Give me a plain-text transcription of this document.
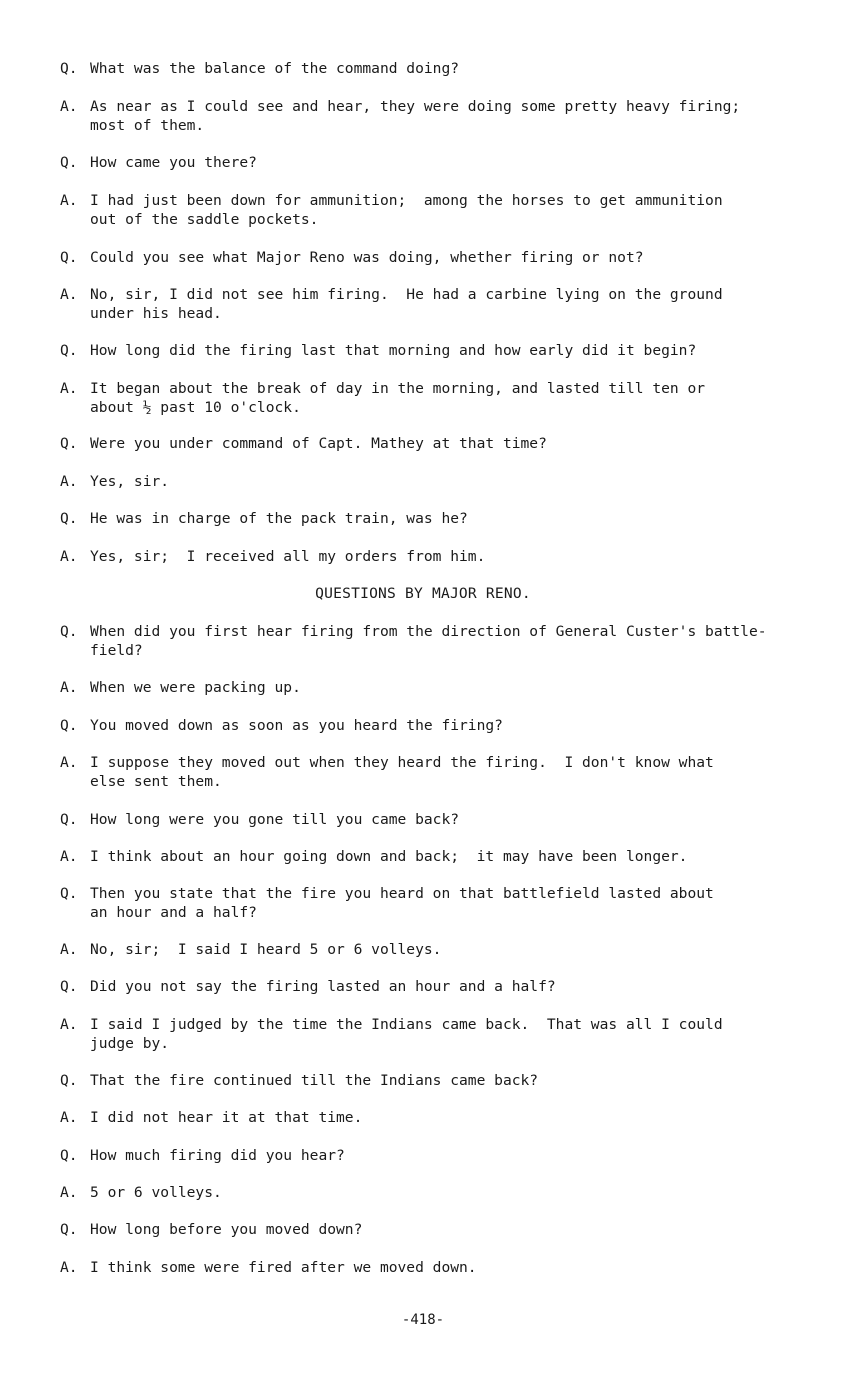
Q. What was the balance of the command doing?
A. As near as I could see and hear, they were doing some pretty heavy firing;
most of them.
Q. How came you there?
A. I had just been down for ammunition;  among the horses to get ammunition
out of the saddle pockets.
Q. Could you see what Major Reno was doing, whether firing or not?
A. No, sir, I did not see him firing.  He had a carbine lying on the ground
under his head.
Q. How long did the firing last that morning and how early did it begin?
A. It began about the break of day in the morning, and lasted till ten or
about ½ past 10 o'clock.
Q. Were you under command of Capt. Mathey at that time?
A. Yes, sir.
Q. He was in charge of the pack train, was he?
A. Yes, sir;  I received all my orders from him.
QUESTIONS BY MAJOR RENO.
Q. When did you first hear firing from the direction of General Custer's battle-
field?
A. When we were packing up.
Q. You moved down as soon as you heard the firing?
A. I suppose they moved out when they heard the firing.  I don't know what
else sent them.
Q. How long were you gone till you came back?
A. I think about an hour going down and back;  it may have been longer.
Q. Then you state that the fire you heard on that battlefield lasted about
an hour and a half?
A. No, sir;  I said I heard 5 or 6 volleys.
Q. Did you not say the firing lasted an hour and a half?
A. I said I judged by the time the Indians came back.  That was all I could
judge by.
Q. That the fire continued till the Indians came back?
A. I did not hear it at that time.
Q. How much firing did you hear?
A. 5 or 6 volleys.
Q. How long before you moved down?
A. I think some were fired after we moved down.
-418-
